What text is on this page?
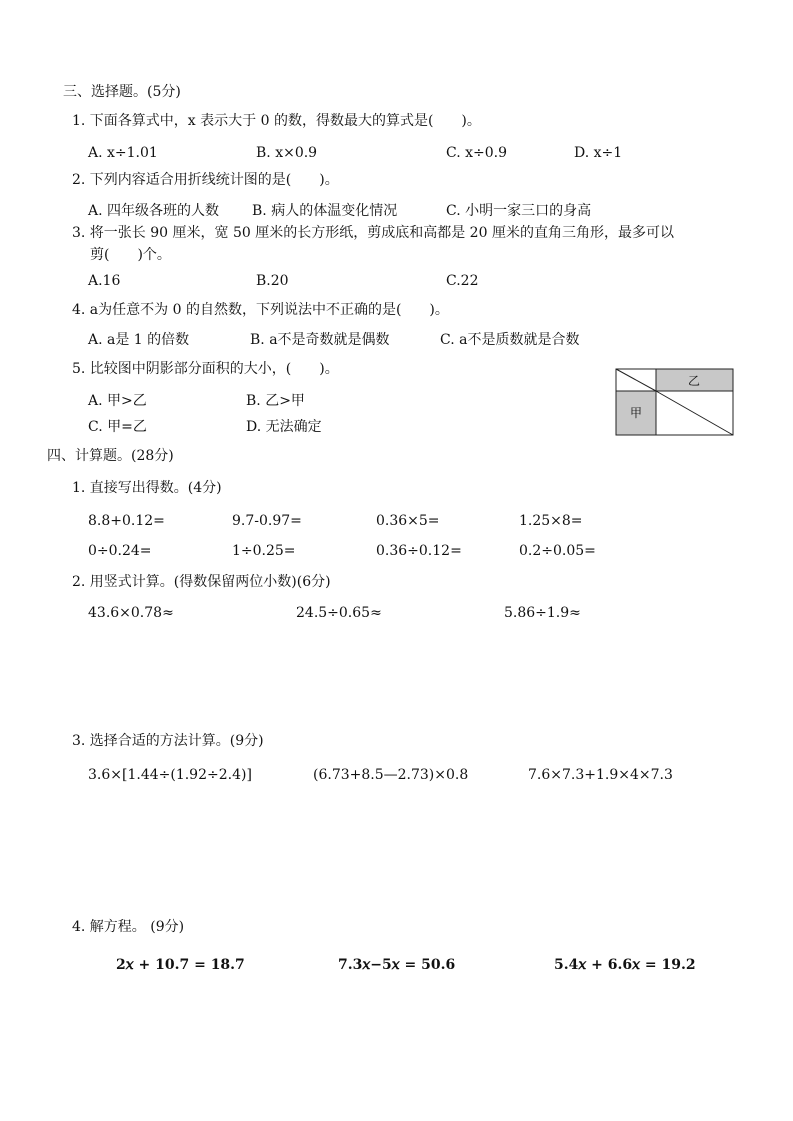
三、选择题。(5分)
1. 下面各算式中，x 表示大于 0 的数，得数最大的算式是(　　)。
A. x÷1.01	B. x×0.9	C. x÷0.9	D. x÷1
2. 下列内容适合用折线统计图的是(　　)。
A. 四年级各班的人数 B. 病人的体温变化情况	C. 小明一家三口的身高
3. 将一张长 90 厘米，宽 50 厘米的长方形纸，剪成底和高都是 20 厘米的直角三角形，最多可以
剪(　　)个。
A.16	B.20	C.22
4. a为任意不为 0 的自然数，下列说法中不正确的是(　　)。
A. a是 1 的倍数	B. a不是奇数就是偶数	C. a不是质数就是合数
5. 比较图中阴影部分面积的大小，(　　)。
A. 甲>乙	B. 乙>甲
C. 甲=乙	D. 无法确定
乙
甲
四、计算题。(28分)
1. 直接写出得数。(4分)
8.8+0.12=	9.7-0.97=	0.36×5=	1.25×8=
0÷0.24=	1÷0.25=	0.36÷0.12=	0.2÷0.05=
2. 用竖式计算。(得数保留两位小数)(6分)
43.6×0.78≈	24.5÷0.65≈	5.86÷1.9≈
3. 选择合适的方法计算。(9分)
3.6×[1.44÷(1.92÷2.4)]	(6.73+8.5—2.73)×0.8	7.6×7.3+1.9×4×7.3
4. 解方程。 (9分)
2𝑥 + 10.7 = 18.7	7.3𝑥−5𝑥 = 50.6	5.4𝑥 + 6.6𝑥 = 19.2
